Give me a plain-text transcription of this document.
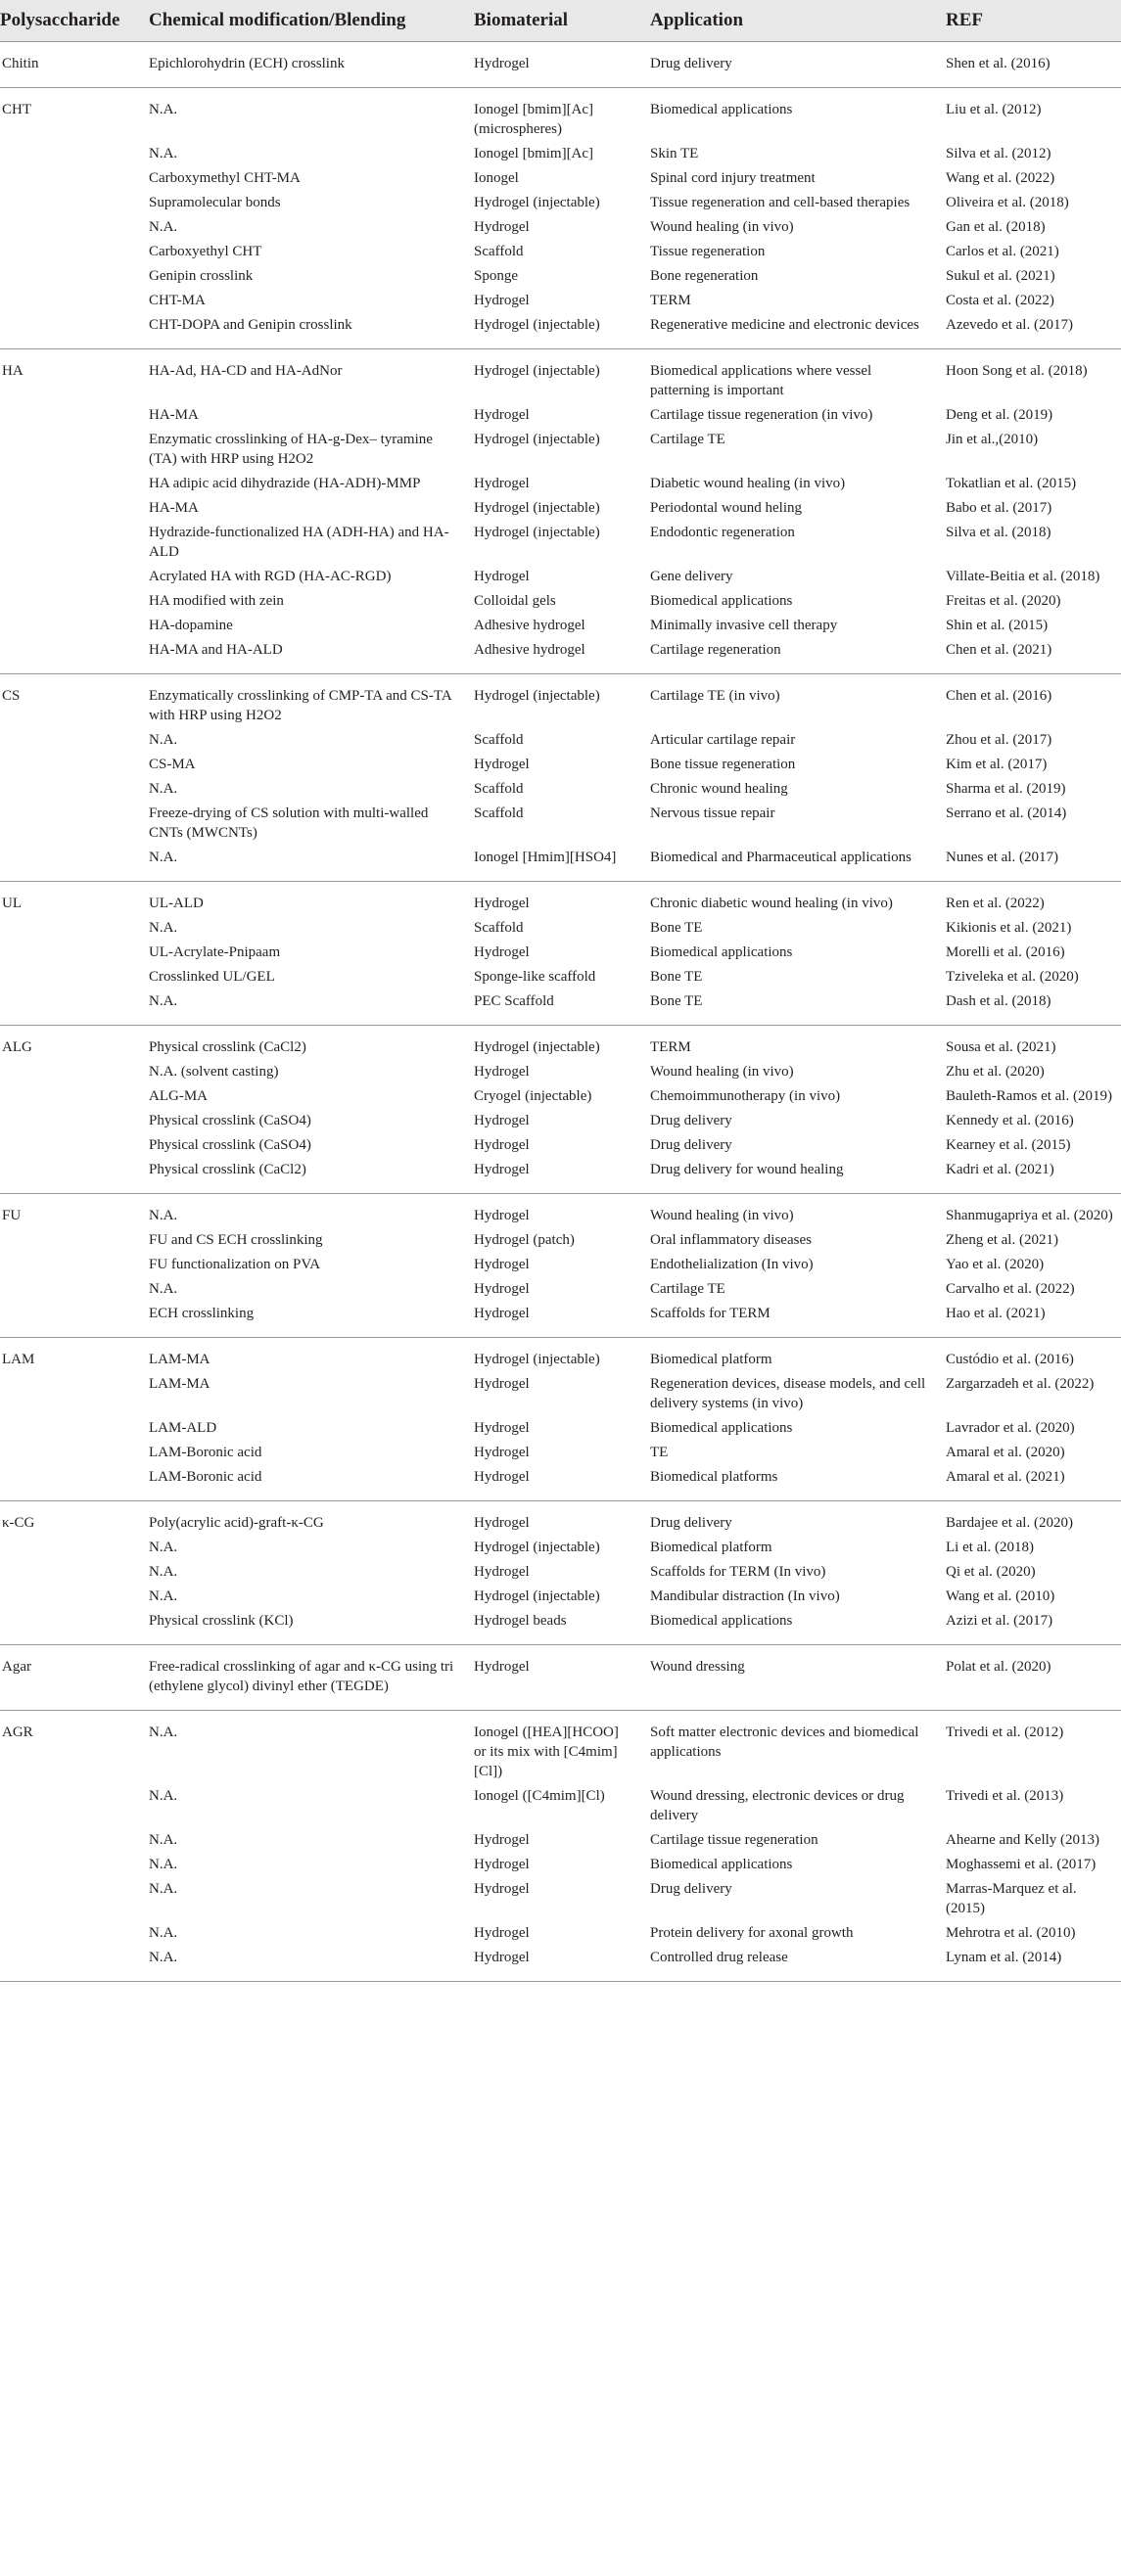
Polysaccharide	Chemical modification/Blending	Biomaterial	Application	REF
Chitin	Epichlorohydrin (ECH) crosslink	Hydrogel	Drug delivery	Shen et al. (2016)
CHT	N.A.	Ionogel [bmim][Ac] (microspheres)	Biomedical applications	Liu et al. (2012)
	N.A.	Ionogel [bmim][Ac]	Skin TE	Silva et al. (2012)
	Carboxymethyl CHT-MA	Ionogel	Spinal cord injury treatment	Wang et al. (2022)
	Supramolecular bonds	Hydrogel (injectable)	Tissue regeneration and cell-based therapies	Oliveira et al. (2018)
	N.A.	Hydrogel	Wound healing (in vivo)	Gan et al. (2018)
	Carboxyethyl CHT	Scaffold	Tissue regeneration	Carlos et al. (2021)
	Genipin crosslink	Sponge	Bone regeneration	Sukul et al. (2021)
	CHT-MA	Hydrogel	TERM	Costa et al. (2022)
	CHT-DOPA and Genipin crosslink	Hydrogel (injectable)	Regenerative medicine and electronic devices	Azevedo et al. (2017)
HA	HA-Ad, HA-CD and HA-AdNor	Hydrogel (injectable)	Biomedical applications where vessel patterning is important	Hoon Song et al. (2018)
	HA-MA	Hydrogel	Cartilage tissue regeneration (in vivo)	Deng et al. (2019)
	Enzymatic crosslinking of HA-g-Dex– tyramine (TA) with HRP using H2O2	Hydrogel (injectable)	Cartilage TE	Jin et al.,(2010)
	HA adipic acid dihydrazide (HA-ADH)-MMP	Hydrogel	Diabetic wound healing (in vivo)	Tokatlian et al. (2015)
	HA-MA	Hydrogel (injectable)	Periodontal wound heling	Babo et al. (2017)
	Hydrazide-functionalized HA (ADH-HA) and HA-ALD	Hydrogel (injectable)	Endodontic regeneration	Silva et al. (2018)
	Acrylated HA with RGD (HA-AC-RGD)	Hydrogel	Gene delivery	Villate-Beitia et al. (2018)
	HA modified with zein	Colloidal gels	Biomedical applications	Freitas et al. (2020)
	HA-dopamine	Adhesive hydrogel	Minimally invasive cell therapy	Shin et al. (2015)
	HA-MA and HA-ALD	Adhesive hydrogel	Cartilage regeneration	Chen et al. (2021)
CS	Enzymatically crosslinking of CMP-TA and CS-TA with HRP using H2O2	Hydrogel (injectable)	Cartilage TE (in vivo)	Chen et al. (2016)
	N.A.	Scaffold	Articular cartilage repair	Zhou et al. (2017)
	CS-MA	Hydrogel	Bone tissue regeneration	Kim et al. (2017)
	N.A.	Scaffold	Chronic wound healing	Sharma et al. (2019)
	Freeze-drying of CS solution with multi-walled CNTs (MWCNTs)	Scaffold	Nervous tissue repair	Serrano et al. (2014)
	N.A.	Ionogel [Hmim][HSO4]	Biomedical and Pharmaceutical applications	Nunes et al. (2017)
UL	UL-ALD	Hydrogel	Chronic diabetic wound healing (in vivo)	Ren et al. (2022)
	N.A.	Scaffold	Bone TE	Kikionis et al. (2021)
	UL-Acrylate-Pnipaam	Hydrogel	Biomedical applications	Morelli et al. (2016)
	Crosslinked UL/GEL	Sponge-like scaffold	Bone TE	Tziveleka et al. (2020)
	N.A.	PEC Scaffold	Bone TE	Dash et al. (2018)
ALG	Physical crosslink (CaCl2)	Hydrogel (injectable)	TERM	Sousa et al. (2021)
	N.A. (solvent casting)	Hydrogel	Wound healing (in vivo)	Zhu et al. (2020)
	ALG-MA	Cryogel (injectable)	Chemoimmunotherapy (in vivo)	Bauleth-Ramos et al. (2019)
	Physical crosslink (CaSO4)	Hydrogel	Drug delivery	Kennedy et al. (2016)
	Physical crosslink (CaSO4)	Hydrogel	Drug delivery	Kearney et al. (2015)
	Physical crosslink (CaCl2)	Hydrogel	Drug delivery for wound healing	Kadri et al. (2021)
FU	N.A.	Hydrogel	Wound healing (in vivo)	Shanmugapriya et al. (2020)
	FU and CS ECH crosslinking	Hydrogel (patch)	Oral inflammatory diseases	Zheng et al. (2021)
	FU functionalization on PVA	Hydrogel	Endothelialization (In vivo)	Yao et al. (2020)
	N.A.	Hydrogel	Cartilage TE	Carvalho et al. (2022)
	ECH crosslinking	Hydrogel	Scaffolds for TERM	Hao et al. (2021)
LAM	LAM-MA	Hydrogel (injectable)	Biomedical platform	Custódio et al. (2016)
	LAM-MA	Hydrogel	Regeneration devices, disease models, and cell delivery systems (in vivo)	Zargarzadeh et al. (2022)
	LAM-ALD	Hydrogel	Biomedical applications	Lavrador et al. (2020)
	LAM-Boronic acid	Hydrogel	TE	Amaral et al. (2020)
	LAM-Boronic acid	Hydrogel	Biomedical platforms	Amaral et al. (2021)
κ-CG	Poly(acrylic acid)-graft-κ-CG	Hydrogel	Drug delivery	Bardajee et al. (2020)
	N.A.	Hydrogel (injectable)	Biomedical platform	Li et al. (2018)
	N.A.	Hydrogel	Scaffolds for TERM (In vivo)	Qi et al. (2020)
	N.A.	Hydrogel (injectable)	Mandibular distraction (In vivo)	Wang et al. (2010)
	Physical crosslink (KCl)	Hydrogel beads	Biomedical applications	Azizi et al. (2017)
Agar	Free-radical crosslinking of agar and κ-CG using tri (ethylene glycol) divinyl ether (TEGDE)	Hydrogel	Wound dressing	Polat et al. (2020)
AGR	N.A.	Ionogel ([HEA][HCOO] or its mix with [C4mim][Cl])	Soft matter electronic devices and biomedical applications	Trivedi et al. (2012)
	N.A.	Ionogel ([C4mim][Cl)	Wound dressing, electronic devices or drug delivery	Trivedi et al. (2013)
	N.A.	Hydrogel	Cartilage tissue regeneration	Ahearne and Kelly (2013)
	N.A.	Hydrogel	Biomedical applications	Moghassemi et al. (2017)
	N.A.	Hydrogel	Drug delivery	Marras-Marquez et al. (2015)
	N.A.	Hydrogel	Protein delivery for axonal growth	Mehrotra et al. (2010)
	N.A.	Hydrogel	Controlled drug release	Lynam et al. (2014)
